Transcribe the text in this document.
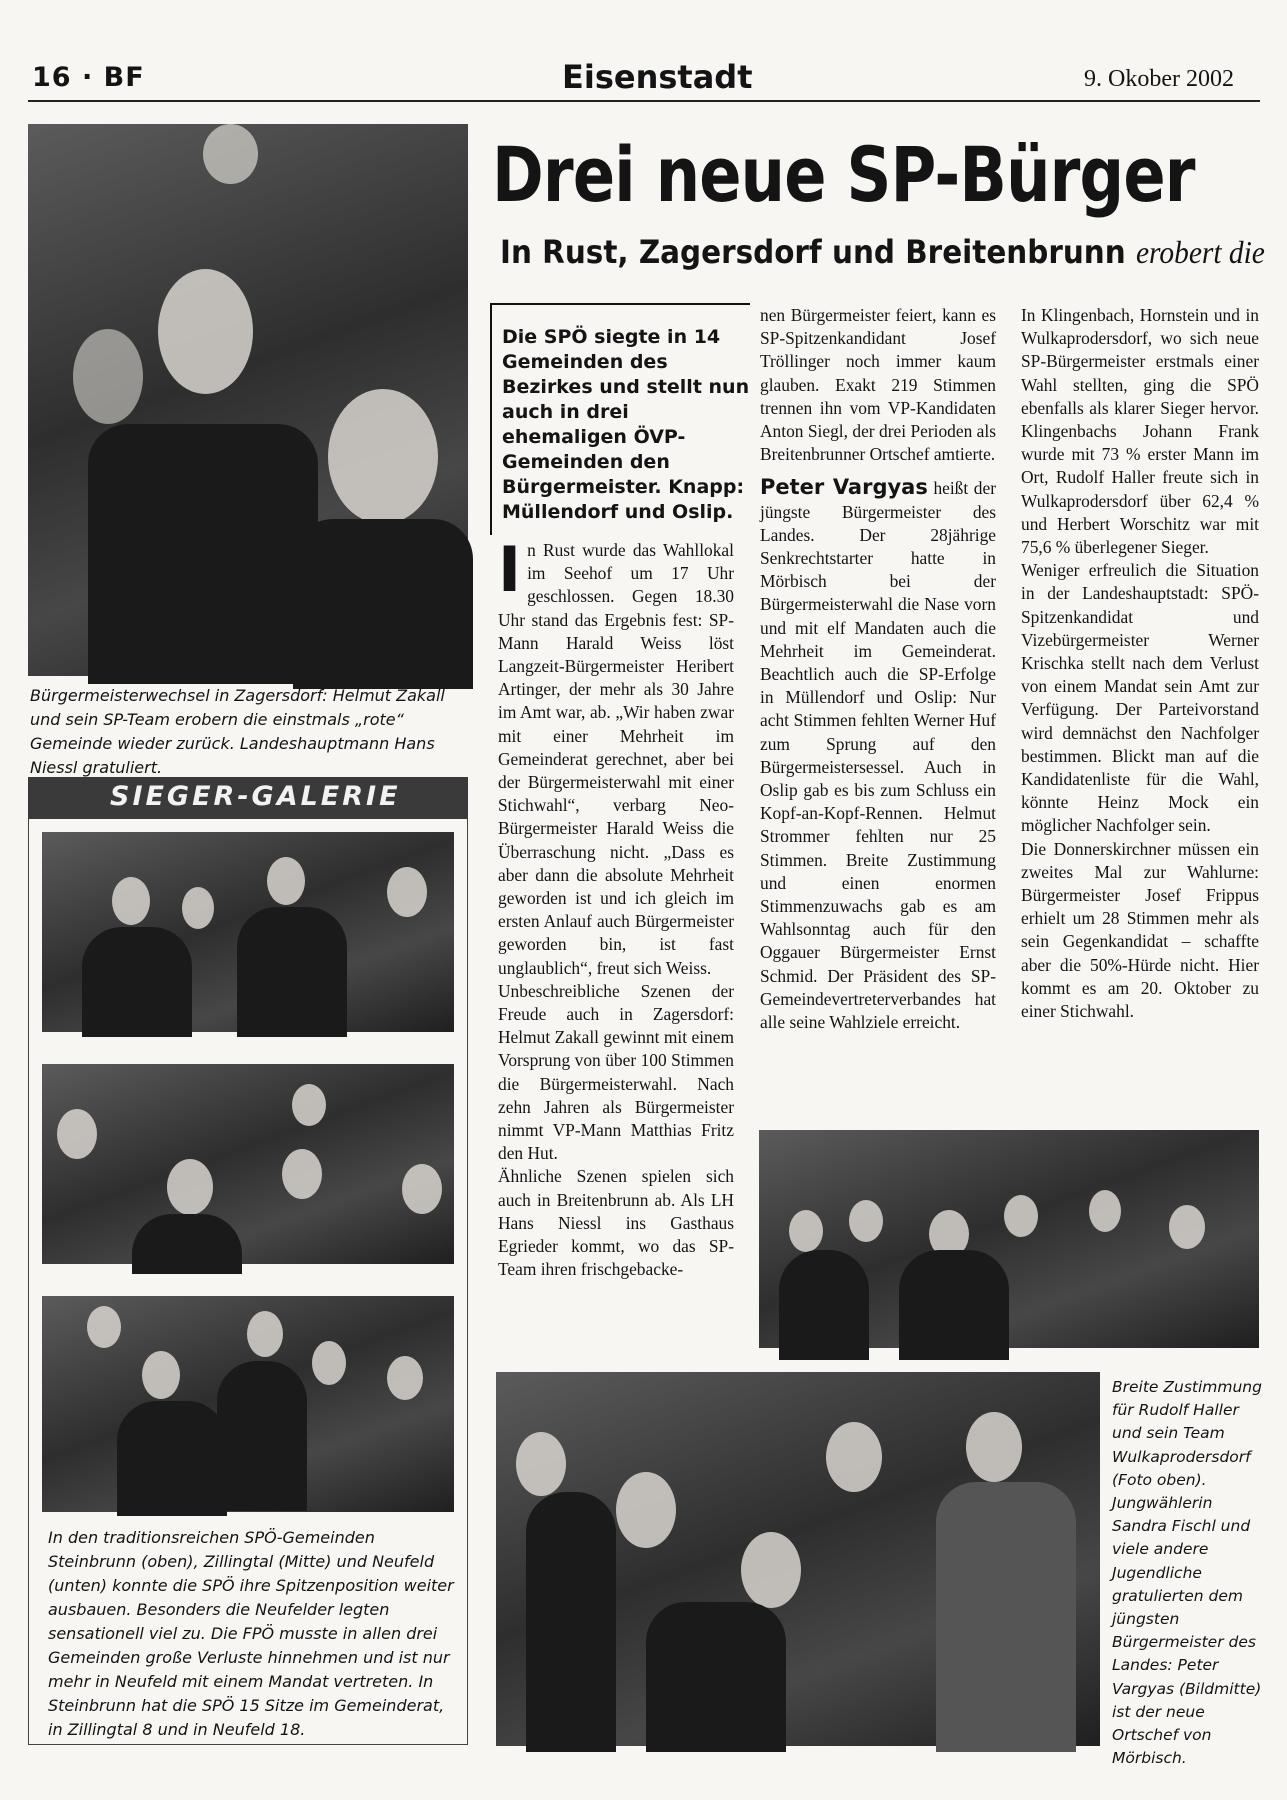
16 · BF	Eisenstadt	9. Okober 2002
Bürgermeisterwechsel in Zagersdorf: Helmut Zakall und sein SP-Team erobern die einstmals „rote“ Gemeinde wieder zurück. Landeshauptmann Hans Niessl gratuliert.
SIEGER-GALERIE
In den traditionsreichen SPÖ-Gemeinden Steinbrunn (oben), Zillingtal (Mitte) und Neufeld (unten) konnte die SPÖ ihre Spitzenposition weiter ausbauen. Besonders die Neufelder legten sensationell viel zu. Die FPÖ musste in allen drei Gemeinden große Verluste hinnehmen und ist nur mehr in Neufeld mit einem Mandat vertreten. In Steinbrunn hat die SPÖ 15 Sitze im Gemeinderat, in Zillingtal 8 und in Neufeld 18.
Drei neue SP-Bürger
In Rust, Zagersdorf und Breitenbrunn erobert die
Die SPÖ siegte in 14 Gemeinden des Bezirkes und stellt nun auch in drei ehemaligen ÖVP-Gemeinden den Bürgermeister. Knapp: Müllendorf und Oslip.
In Rust wurde das Wahllokal im Seehof um 17 Uhr geschlossen. Gegen 18.30 Uhr stand das Ergebnis fest: SP-Mann Harald Weiss löst Langzeit-Bürgermeister Heribert Artinger, der mehr als 30 Jahre im Amt war, ab. „Wir haben zwar mit einer Mehrheit im Gemeinderat gerechnet, aber bei der Bürgermeisterwahl mit einer Stichwahl“, verbarg Neo-Bürgermeister Harald Weiss die Überraschung nicht. „Dass es aber dann die absolute Mehrheit geworden ist und ich gleich im ersten Anlauf auch Bürgermeister geworden bin, ist fast unglaublich“, freut sich Weiss.
Unbeschreibliche Szenen der Freude auch in Zagersdorf: Helmut Zakall gewinnt mit einem Vorsprung von über 100 Stimmen die Bürgermeisterwahl. Nach zehn Jahren als Bürgermeister nimmt VP-Mann Matthias Fritz den Hut.
Ähnliche Szenen spielen sich auch in Breitenbrunn ab. Als LH Hans Niessl ins Gasthaus Egrieder kommt, wo das SP-Team ihren frischgebacke-
nen Bürgermeister feiert, kann es SP-Spitzenkandidant Josef Tröllinger noch immer kaum glauben. Exakt 219 Stimmen trennen ihn vom VP-Kandidaten Anton Siegl, der drei Perioden als Breitenbrunner Ortschef amtierte.
Peter Vargyas heißt der jüngste Bürgermeister des Landes. Der 28jährige Senkrechtstarter hatte in Mörbisch bei der Bürgermeisterwahl die Nase vorn und mit elf Mandaten auch die Mehrheit im Gemeinderat. Beachtlich auch die SP-Erfolge in Müllendorf und Oslip: Nur acht Stimmen fehlten Werner Huf zum Sprung auf den Bürgermeistersessel. Auch in Oslip gab es bis zum Schluss ein Kopf-an-Kopf-Rennen. Helmut Strommer fehlten nur 25 Stimmen. Breite Zustimmung und einen enormen Stimmenzuwachs gab es am Wahlsonntag auch für den Oggauer Bürgermeister Ernst Schmid. Der Präsident des SP-Gemeindevertreterverbandes hat alle seine Wahlziele erreicht.
In Klingenbach, Hornstein und in Wulkaprodersdorf, wo sich neue SP-Bürgermeister erstmals einer Wahl stellten, ging die SPÖ ebenfalls als klarer Sieger hervor. Klingenbachs Johann Frank wurde mit 73 % erster Mann im Ort, Rudolf Haller freute sich in Wulkaprodersdorf über 62,4 % und Herbert Worschitz war mit 75,6 % überlegener Sieger.
Weniger erfreulich die Situation in der Landeshauptstadt: SPÖ-Spitzenkandidat und Vizebürgermeister Werner Krischka stellt nach dem Verlust von einem Mandat sein Amt zur Verfügung. Der Parteivorstand wird demnächst den Nachfolger bestimmen. Blickt man auf die Kandidatenliste für die Wahl, könnte Heinz Mock ein möglicher Nachfolger sein.
Die Donnerskirchner müssen ein zweites Mal zur Wahlurne: Bürgermeister Josef Frippus erhielt um 28 Stimmen mehr als sein Gegenkandidat – schaffte aber die 50%-Hürde nicht. Hier kommt es am 20. Oktober zu einer Stichwahl.
Breite Zustimmung für Rudolf Haller und sein Team Wulkaprodersdorf (Foto oben). Jungwählerin Sandra Fischl und viele andere Jugendliche gratulierten dem jüngsten Bürgermeister des Landes: Peter Vargyas (Bildmitte) ist der neue Ortschef von Mörbisch.
